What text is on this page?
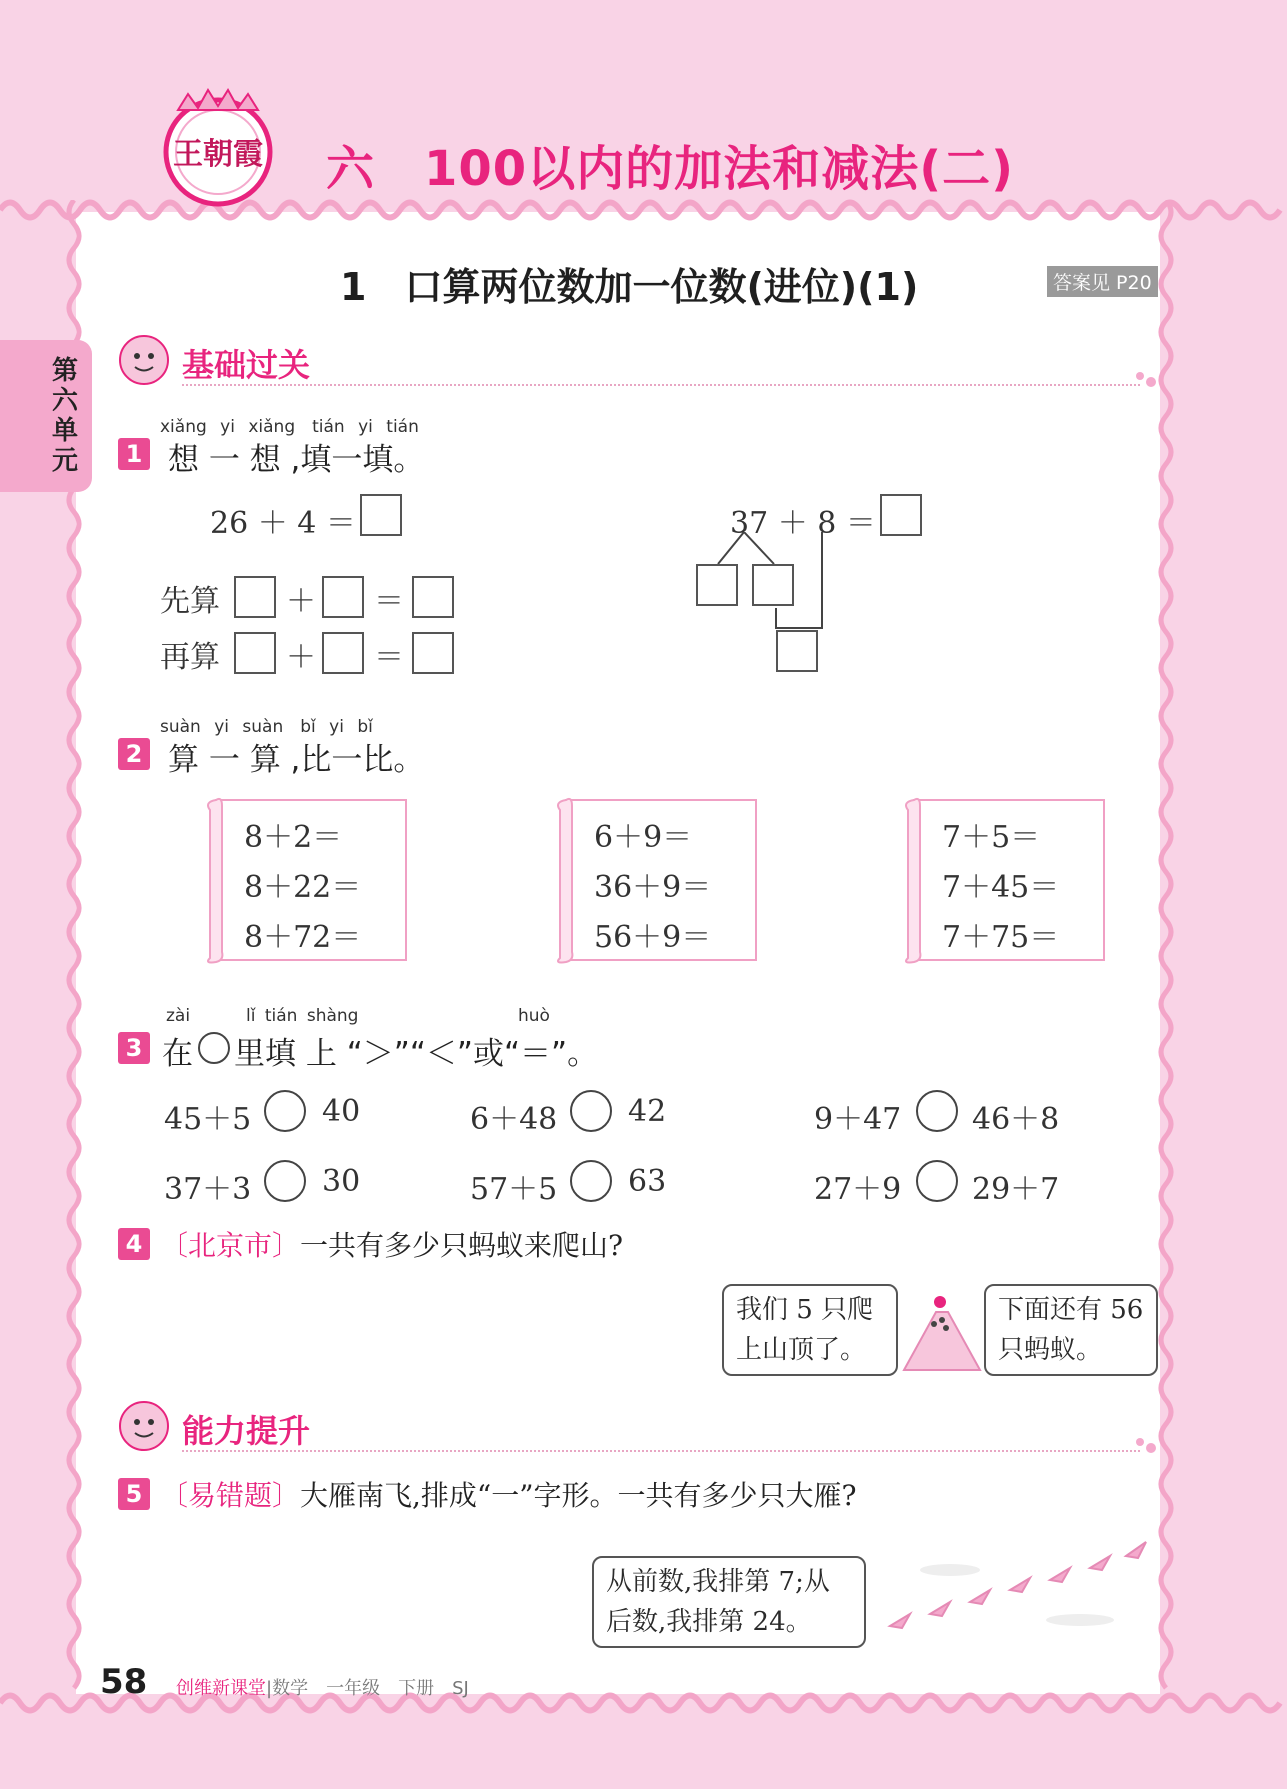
王朝霞 六　100以内的加法和减法(二)
1　口算两位数加一位数(进位)(1)	答案见 P20
第六单元
基础过关
xiǎng yi xiǎng　tián yi tián
1 想 一 想 ,填一填。
26 ＋ 4 ＝
先算 ＋ ＝
再算 ＋ ＝
37 ＋ 8 ＝
suàn yi suàn　bǐ yi bǐ
2 算 一 算 ,比一比。
8＋2＝
8＋22＝
8＋72＝
6＋9＝
36＋9＝
56＋9＝
7＋5＝
7＋45＝
7＋75＝
zài	lǐ tián shàng	huò
3 在 里填 上 “＞”“＜”或“＝”。
45＋5 40	6＋48 42	9＋47 46＋8
37＋3 30	57＋5 63	27＋9 29＋7
4 〔北京市〕一共有多少只蚂蚁来爬山?
我们 5 只爬
上山顶了。
下面还有 56
只蚂蚁。
能力提升
5 〔易错题〕大雁南飞,排成“一”字形。一共有多少只大雁?
从前数,我排第 7;从
后数,我排第 24。
58 创维新课堂|数学　一年级　下册　SJ
